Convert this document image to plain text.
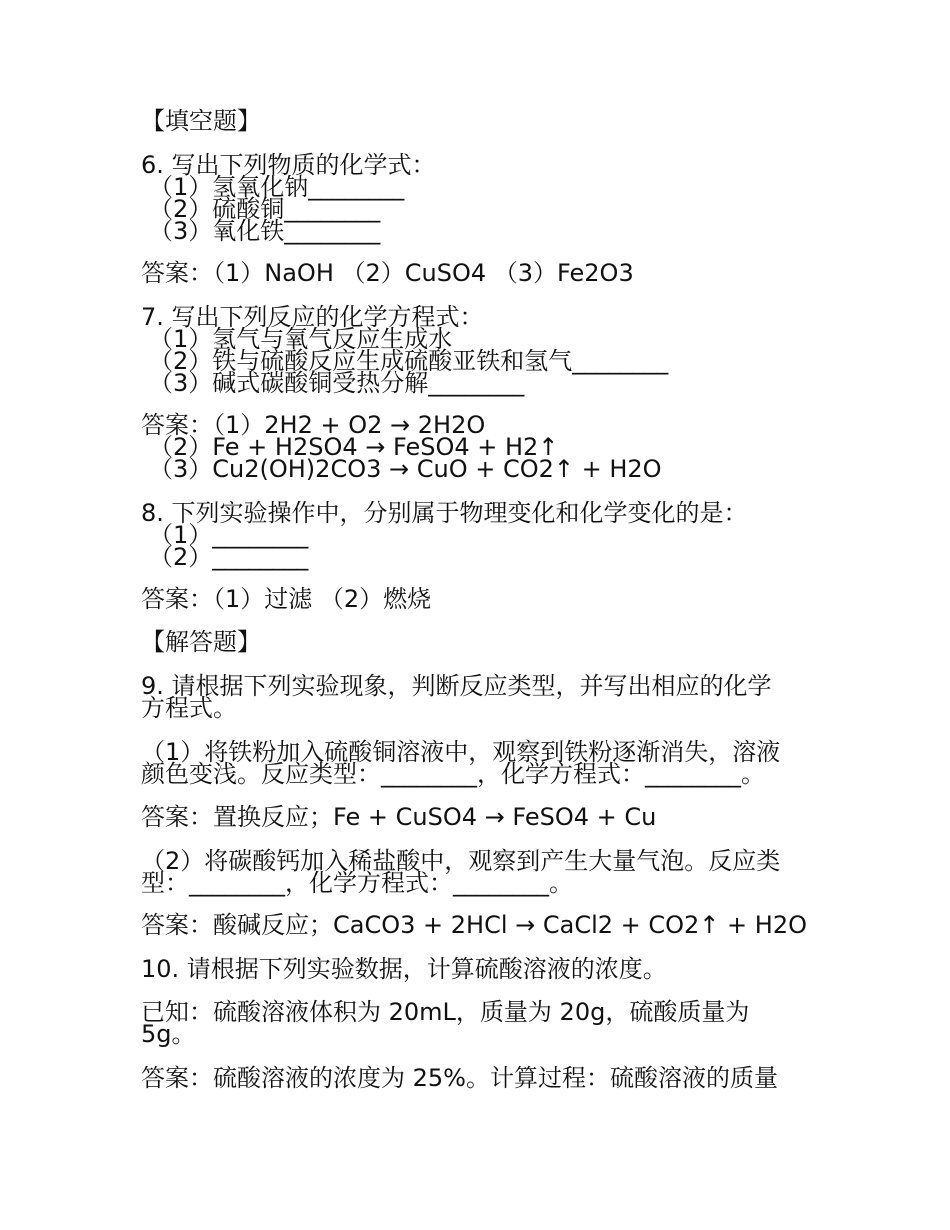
【填空题】
6. 写出下列物质的化学式：
（1）氢氧化钠________
（2）硫酸铜________
（3）氧化铁________
答案：（1）NaOH （2）CuSO4 （3）Fe2O3
7. 写出下列反应的化学方程式：
（1）氢气与氧气反应生成水
（2）铁与硫酸反应生成硫酸亚铁和氢气________
（3）碱式碳酸铜受热分解________
答案：（1）2H2 + O2 → 2H2O
（2）Fe + H2SO4 → FeSO4 + H2↑
（3）Cu2(OH)2CO3 → CuO + CO2↑ + H2O
8. 下列实验操作中，分别属于物理变化和化学变化的是：
（1）________
（2）________
答案：（1）过滤 （2）燃烧
【解答题】
9. 请根据下列实验现象，判断反应类型，并写出相应的化学
方程式。
（1）将铁粉加入硫酸铜溶液中，观察到铁粉逐渐消失，溶液
颜色变浅。反应类型：________，化学方程式：________。
答案：置换反应；Fe + CuSO4 → FeSO4 + Cu
（2）将碳酸钙加入稀盐酸中，观察到产生大量气泡。反应类
型：________，化学方程式：________。
答案：酸碱反应；CaCO3 + 2HCl → CaCl2 + CO2↑ + H2O
10. 请根据下列实验数据，计算硫酸溶液的浓度。
已知：硫酸溶液体积为 20mL，质量为 20g，硫酸质量为
5g。
答案：硫酸溶液的浓度为 25%。计算过程：硫酸溶液的质量
